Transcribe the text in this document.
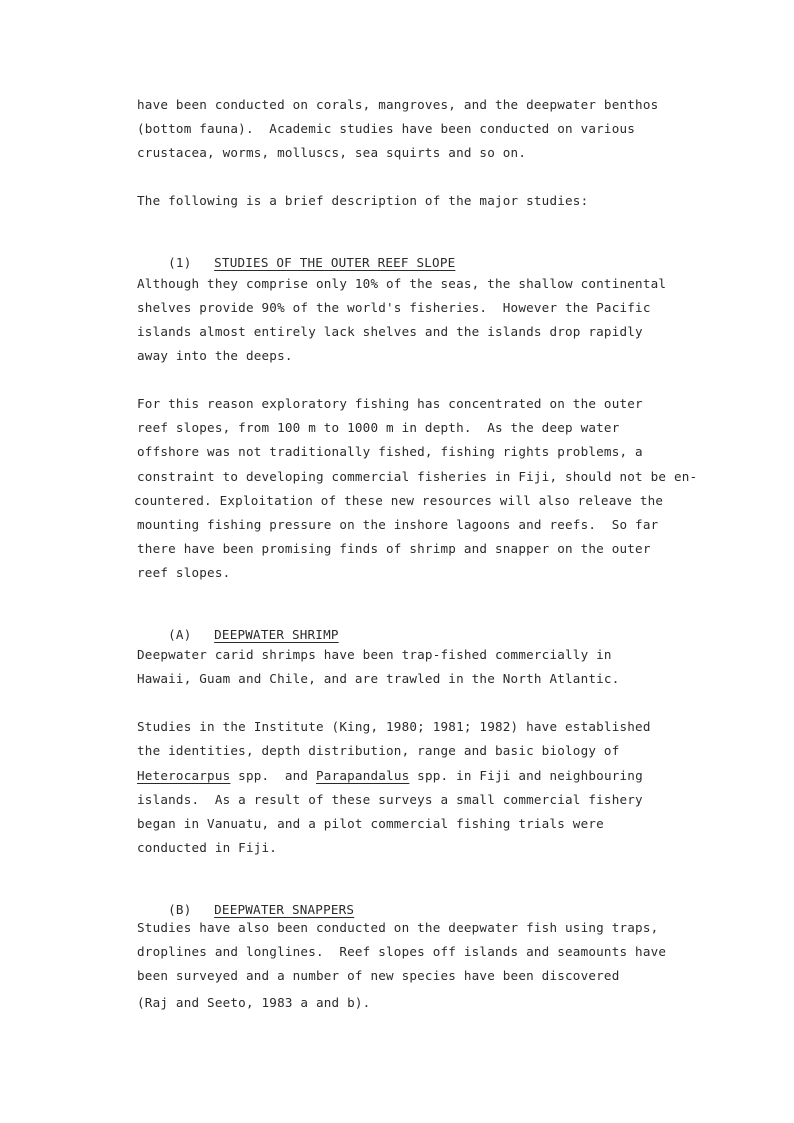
have been conducted on corals, mangroves, and the deepwater benthos
(bottom fauna).  Academic studies have been conducted on various
crustacea, worms, molluscs, sea squirts and so on.
The following is a brief description of the major studies:

(1) STUDIES OF THE OUTER REEF SLOPE

Although they comprise only 10% of the seas, the shallow continental
shelves provide 90% of the world's fisheries.  However the Pacific
islands almost entirely lack shelves and the islands drop rapidly
away into the deeps.
For this reason exploratory fishing has concentrated on the outer
reef slopes, from 100 m to 1000 m in depth.  As the deep water
offshore was not traditionally fished, fishing rights problems, a
constraint to developing commercial fisheries in Fiji, should not be en-
countered. Exploitation of these new resources will also releave the
mounting fishing pressure on the inshore lagoons and reefs.  So far
there have been promising finds of shrimp and snapper on the outer
reef slopes.

(A) DEEPWATER SHRIMP

Deepwater carid shrimps have been trap-fished commercially in
Hawaii, Guam and Chile, and are trawled in the North Atlantic.
Studies in the Institute (King, 1980; 1981; 1982) have established
the identities, depth distribution, range and basic biology of
Heterocarpus spp.  and Parapandalus spp. in Fiji and neighbouring
islands.  As a result of these surveys a small commercial fishery
began in Vanuatu, and a pilot commercial fishing trials were
conducted in Fiji.

(B) DEEPWATER SNAPPERS

Studies have also been conducted on the deepwater fish using traps,
droplines and longlines.  Reef slopes off islands and seamounts have
been surveyed and a number of new species have been discovered
(Raj and Seeto, 1983 a and b).
